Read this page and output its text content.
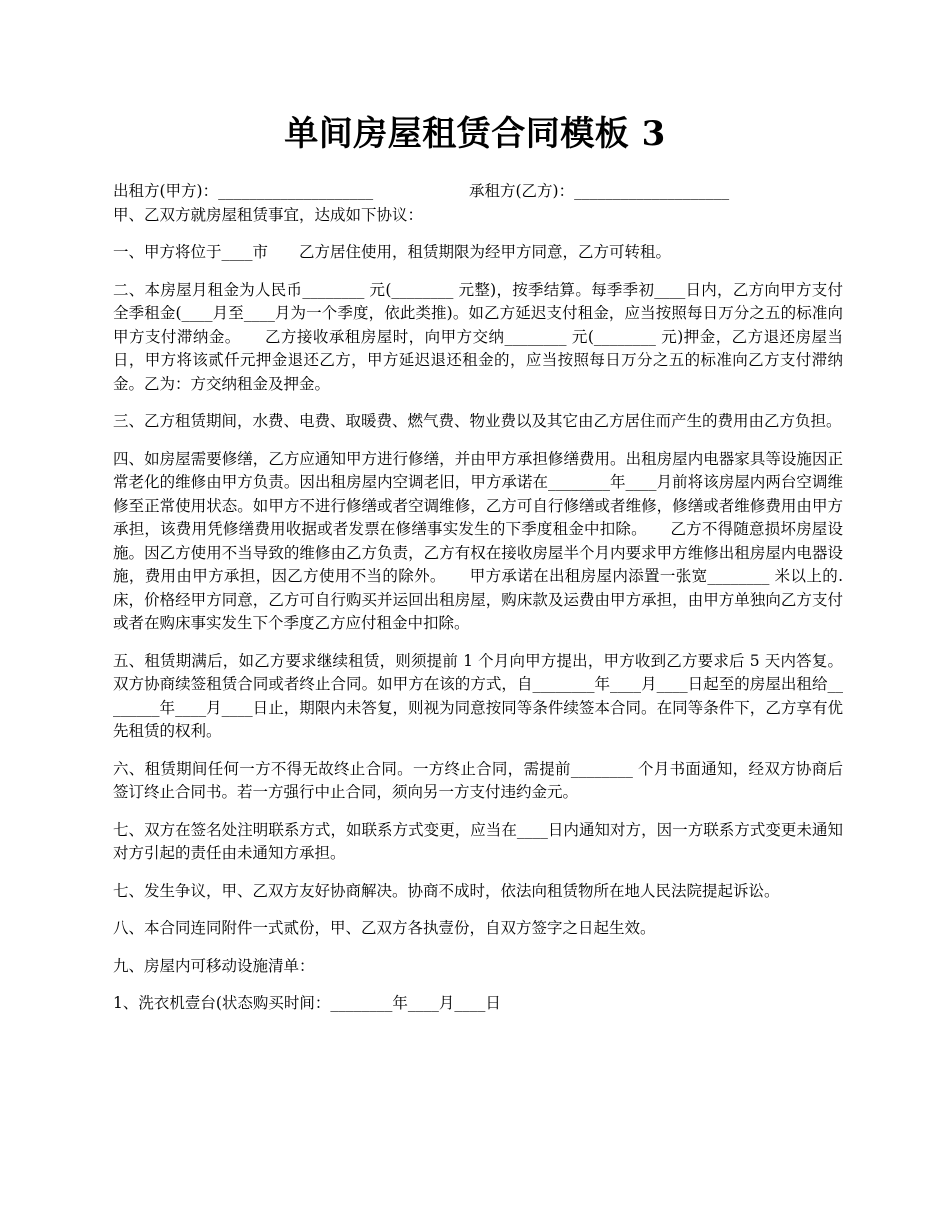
单间房屋租赁合同模板 3
出租方(甲方)：____________________	承租方(乙方)：____________________

甲、乙双方就房屋租赁事宜，达成如下协议：

一、甲方将位于____市　　乙方居住使用，租赁期限为经甲方同意，乙方可转租。

二、本房屋月租金为人民币________ 元(________ 元整)，按季结算。每季季初____日内，乙方向甲方支付全季租金(____月至____月为一个季度，依此类推)。如乙方延迟支付租金，应当按照每日万分之五的标准向甲方支付滞纳金。　　乙方接收承租房屋时，向甲方交纳________ 元(________ 元)押金，乙方退还房屋当日，甲方将该贰仟元押金退还乙方，甲方延迟退还租金的，应当按照每日万分之五的标准向乙方支付滞纳金。乙为：方交纳租金及押金。

三、乙方租赁期间，水费、电费、取暖费、燃气费、物业费以及其它由乙方居住而产生的费用由乙方负担。

四、如房屋需要修缮，乙方应通知甲方进行修缮，并由甲方承担修缮费用。出租房屋内电器家具等设施因正常老化的维修由甲方负责。因出租房屋内空调老旧，甲方承诺在________年____月前将该房屋内两台空调维修至正常使用状态。如甲方不进行修缮或者空调维修，乙方可自行修缮或者维修，修缮或者维修费用由甲方承担，该费用凭修缮费用收据或者发票在修缮事实发生的下季度租金中扣除。　　乙方不得随意损坏房屋设施。因乙方使用不当导致的维修由乙方负责，乙方有权在接收房屋半个月内要求甲方维修出租房屋内电器设施，费用由甲方承担，因乙方使用不当的除外。　　甲方承诺在出租房屋内添置一张宽________ 米以上的.床，价格经甲方同意，乙方可自行购买并运回出租房屋，购床款及运费由甲方承担，由甲方单独向乙方支付或者在购床事实发生下个季度乙方应付租金中扣除。

五、租赁期满后，如乙方要求继续租赁，则须提前 1 个月向甲方提出，甲方收到乙方要求后 5 天内答复。双方协商续签租赁合同或者终止合同。如甲方在该的方式，自________年____月____日起至的房屋出租给________年____月____日止，期限内未答复，则视为同意按同等条件续签本合同。在同等条件下，乙方享有优先租赁的权利。

六、租赁期间任何一方不得无故终止合同。一方终止合同，需提前________ 个月书面通知，经双方协商后签订终止合同书。若一方强行中止合同，须向另一方支付违约金元。

七、双方在签名处注明联系方式，如联系方式变更，应当在____日内通知对方，因一方联系方式变更未通知对方引起的责任由未通知方承担。

七、发生争议，甲、乙双方友好协商解决。协商不成时，依法向租赁物所在地人民法院提起诉讼。

八、本合同连同附件一式贰份，甲、乙双方各执壹份，自双方签字之日起生效。

九、房屋内可移动设施清单：

1、洗衣机壹台(状态购买时间：________年____月____日
